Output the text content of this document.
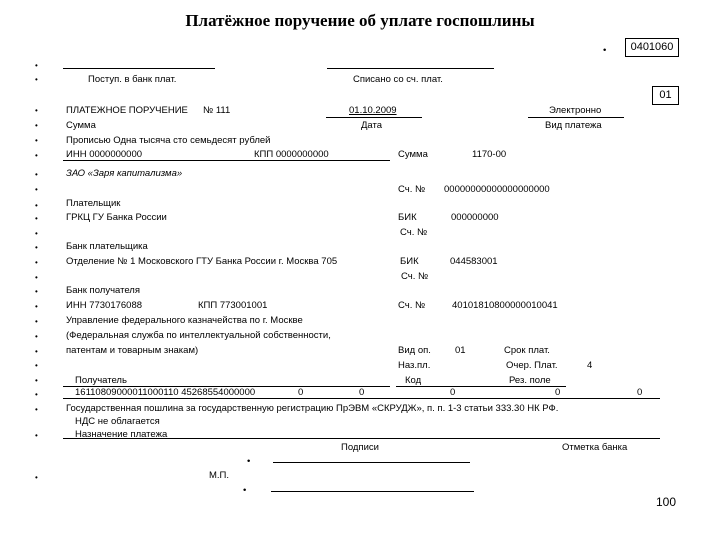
Платёжное поручение об уплате госпошлины
0401060
01
•
•
•
•
•
•
•
•
•
•
•
•
•
•
•
•
•
•
•
•
•
•
•
•
•
•
Поступ. в банк плат.	Списано со сч. плат.
ПЛАТЕЖНОЕ ПОРУЧЕНИЕ № 111	01.10.2009	Электронно
Сумма	Дата	Вид платежа
Прописью Одна тысяча сто семьдесят рублей
ИНН 0000000000	КПП 0000000000	Сумма	1170-00
ЗАО «Заря капитализма»
Сч. № 00000000000000000000
Плательщик
ГРКЦ ГУ Банка России	БИК	000000000
Сч. №
Банк плательщика
Отделение № 1 Московского ГТУ Банка России г. Москва 705	БИК	044583001
Сч. №
Банк получателя
ИНН 7730176088	КПП 773001001	Сч. №	40101810800000010041
Управление федерального казначейства по г. Москве
(Федеральная служба по интеллектуальной собственности,
патентам и товарным знакам)	Вид оп.	01	Срок плат.
Наз.пл.	Очер. Плат.	4
Код	Рез. поле
Получатель
16110809000011000110 45268554000000	0	0	0	0	0
Государственная пошлина за государственную регистрацию ПрЭВМ «СКРУДЖ», п. п. 1-3 статьи 333.30 НК РФ.
НДС не облагается
Назначение платежа
Подписи	Отметка банка
•
М.П.
•
100
